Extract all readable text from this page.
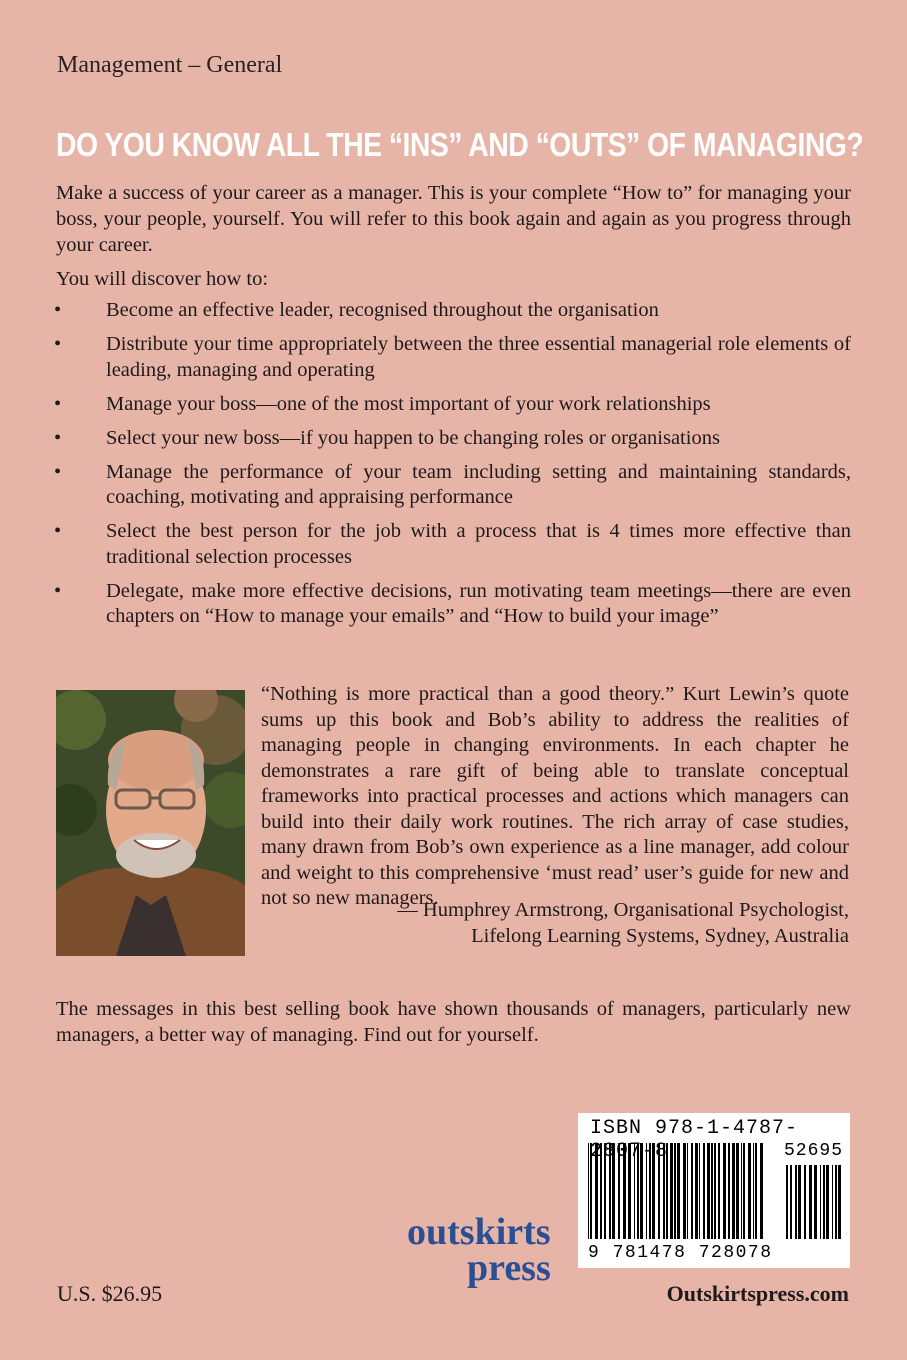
Management – General
DO YOU KNOW ALL THE “INS” AND “OUTS” OF MANAGING?

Make a success of your career as a manager. This is your complete “How to” for managing your boss, your people, yourself. You will refer to this book again and again as you progress through your career.

You will discover how to:

• Become an effective leader, recognised throughout the organisation
• Distribute your time appropriately between the three essential managerial role elements of leading, managing and operating
• Manage your boss—one of the most important of your work relationships
• Select your new boss—if you happen to be changing roles or organisations
• Manage the performance of your team including setting and maintaining standards, coaching, motivating and appraising performance
• Select the best person for the job with a process that is 4 times more effective than traditional selection processes
• Delegate, make more effective decisions, run motivating team meetings—there are even chapters on “How to manage your emails” and “How to build your image”

“Nothing is more practical than a good theory.” Kurt Lewin’s quote sums up this book and Bob’s ability to address the realities of managing people in changing environments. In each chapter he demonstrates a rare gift of being able to translate conceptual frameworks into practical processes and actions which managers can build into their daily work routines. The rich array of case studies, many drawn from Bob’s own experience as a line manager, add colour and weight to this comprehensive ‘must read’ user’s guide for new and not so new managers.

— Humphrey Armstrong, Organisational Psychologist,
Lifelong Learning Systems, Sydney, Australia

The messages in this best selling book have shown thousands of managers, particularly new managers, a better way of managing. Find out for yourself.

ISBN 978-1-4787- 807-8	52695
9 781478 728078
outskirts
press
U.S. $26.95	Outskirtspress.com
